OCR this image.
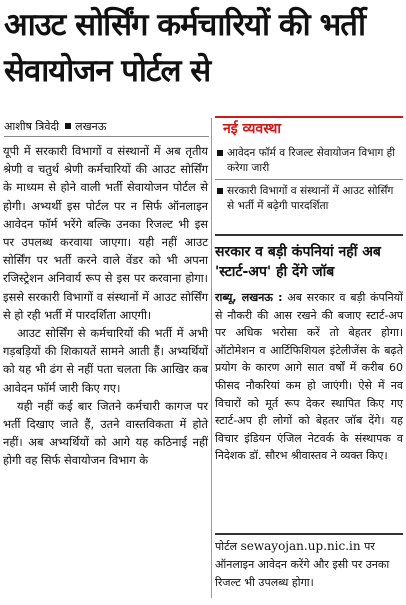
आउट सोर्सिंग कर्मचारियों की भर्ती सेवायोजन पोर्टल से
आशीष त्रिवेदी लखनऊ

यूपी में सरकारी विभागों व संस्थानों में अब तृतीय श्रेणी व चतुर्थ श्रेणी कर्मचारियों की आउट सोर्सिंग के माध्यम से होने वाली भर्ती सेवायोजन पोर्टल से होगी। अभ्यर्थी इस पोर्टल पर न सिर्फ ऑनलाइन आवेदन फॉर्म भरेंगे बल्कि उनका रिजल्ट भी इस पर उपलब्ध करवाया जाएगा। यही नहीं आउट सोर्सिंग पर भर्ती करने वाले वेंडर को भी अपना रजिस्ट्रेशन अनिवार्य रूप से इस पर करवाना होगा। इससे सरकारी विभागों व संस्थानों में आउट सोर्सिंग से हो रही भर्ती में पारदर्शिता आएगी।

आउट सोर्सिंग से कर्मचारियों की भर्ती में अभी गड़बड़ियों की शिकायतें सामने आती हैं। अभ्यर्थियों को यह भी ढंग से नहीं पता चलता कि आखिर कब आवेदन फॉर्म जारी किए गए।

यही नहीं कई बार जितने कर्मचारी कागज पर भर्ती दिखाए जाते हैं, उतने वास्तविकता में होते नहीं। अब अभ्यर्थियों को आगे यह कठिनाई नहीं होगी वह सिर्फ सेवायोजन विभाग के

नई व्यवस्था
आवेदन फॉर्म व रिजल्ट सेवायोजन विभाग ही करेगा जारी
सरकारी विभागों व संस्थानों में आउट सोर्सिंग से भर्ती में बढ़ेगी पारदर्शिता
सरकार व बड़ी कंपनियां नहीं अब 'स्टार्ट-अप' ही देंगे जॉब
राब्यू, लखनऊ : अब सरकार व बड़ी कंपनियों से नौकरी की आस रखने की बजाए स्टार्ट-अप पर अधिक भरोसा करें तो बेहतर होगा। ऑटोमेशन व आर्टिफिशियल इंटेलीजेंस के बढ़ते प्रयोग के कारण आगे सात वर्षों में करीब 60 फीसद नौकरियां कम हो जाएंगी। ऐसे में नव विचारों को मूर्त रूप देकर स्थापित किए गए स्टार्ट-अप ही लोगों को बेहतर जॉब देंगे। यह विचार इंडियन एंजिल नेटवर्क के संस्थापक व निदेशक डॉ. सौरभ श्रीवास्तव ने व्यक्त किए।
पोर्टल sewayojan.up.nic.in पर ऑनलाइन आवेदन करेंगे और इसी पर उनका रिजल्ट भी उपलब्ध होगा।
